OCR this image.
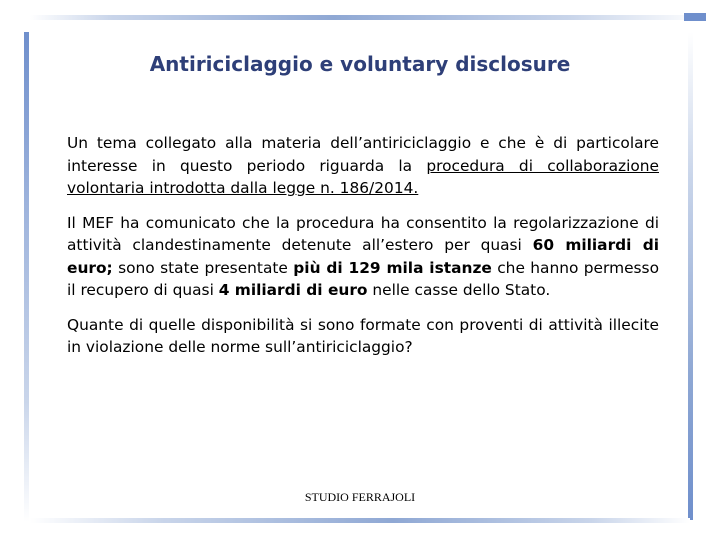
Antiriciclaggio e voluntary disclosure

Un tema collegato alla materia dell’antiriciclaggio e che è di particolare interesse in questo periodo riguarda la procedura di collaborazione volontaria introdotta dalla legge n. 186/2014.

Il MEF ha comunicato che la procedura ha consentito la regolarizzazione di attività clandestinamente detenute all’estero per quasi 60 miliardi di euro; sono state presentate più di 129 mila istanze che hanno permesso il recupero di quasi 4 miliardi di euro nelle casse dello Stato.

Quante di quelle disponibilità si sono formate con proventi di attività illecite in violazione delle norme sull’antiriciclaggio?

STUDIO FERRAJOLI
